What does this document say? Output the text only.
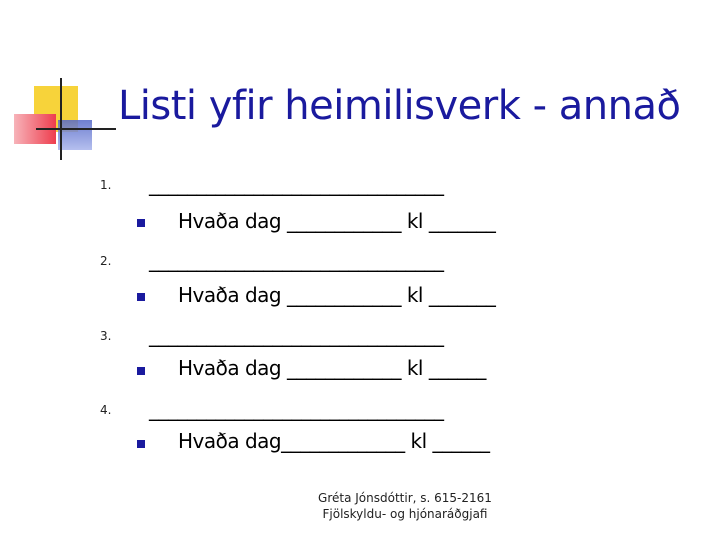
Listi yfir heimilisverk - annað
1. _______________________________
Hvaða dag ____________ kl _______
2. _______________________________
Hvaða dag ____________ kl _______
3. _______________________________
Hvaða dag ____________ kl ______
4. _______________________________
Hvaða dag_____________ kl ______
Gréta Jónsdóttir, s. 615-2161
Fjölskyldu- og hjónaráðgjafi
